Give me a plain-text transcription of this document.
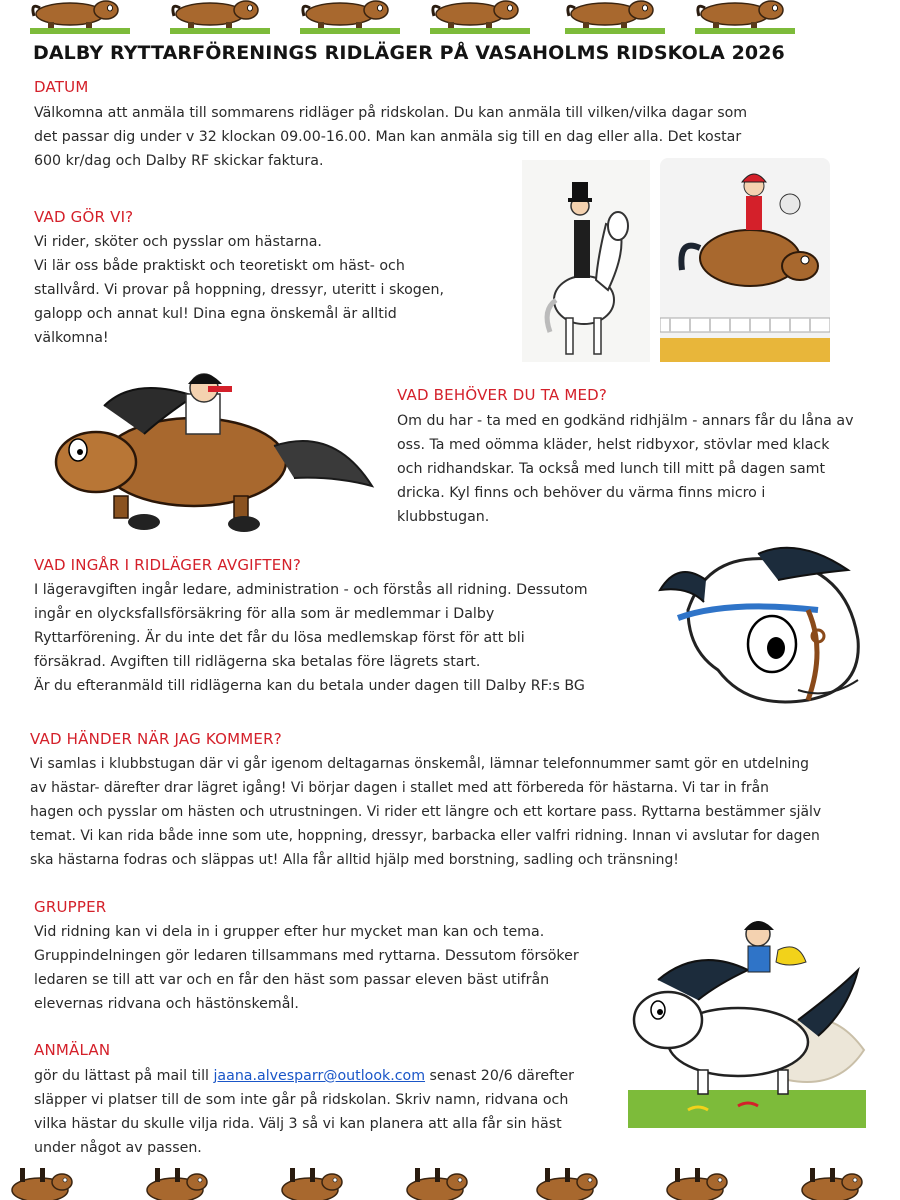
DALBY RYTTARFÖRENINGS RIDLÄGER PÅ VASAHOLMS RIDSKOLA 2026
DATUM
Välkomna att anmäla till sommarens ridläger på ridskolan. Du kan anmäla till vilken/vilka dagar som
det passar dig under v 32 klockan 09.00-16.00. Man kan anmäla sig till en dag eller alla. Det kostar
600 kr/dag och Dalby RF skickar faktura.
VAD GÖR VI?
Vi rider, sköter och pysslar om hästarna.
Vi lär oss både praktiskt och teoretiskt om häst- och
stallvård. Vi provar på hoppning, dressyr, uteritt i skogen,
galopp och annat kul! Dina egna önskemål är alltid
välkomna!
VAD BEHÖVER DU TA MED?
Om du har - ta med en godkänd ridhjälm - annars får du låna av
oss. Ta med oömma kläder, helst ridbyxor, stövlar med klack
och ridhandskar. Ta också med lunch till mitt på dagen samt
dricka. Kyl finns och behöver du värma finns micro i
klubbstugan.
VAD INGÅR I RIDLÄGER AVGIFTEN?
I lägeravgiften ingår ledare, administration - och förstås all ridning. Dessutom
ingår en olycksfallsförsäkring för alla som är medlemmar i Dalby
Ryttarförening. Är du inte det får du lösa medlemskap först för att bli
försäkrad. Avgiften till ridlägerna ska betalas före lägrets start.
Är du efteranmäld till ridlägerna kan du betala under dagen till Dalby RF:s BG
VAD HÄNDER NÄR JAG KOMMER?
Vi samlas i klubbstugan där vi går igenom deltagarnas önskemål, lämnar telefonnummer samt gör en utdelning
av hästar- därefter drar lägret igång! Vi börjar dagen i stallet med att förbereda för hästarna. Vi tar in från
hagen och pysslar om hästen och utrustningen. Vi rider ett längre och ett kortare pass. Ryttarna bestämmer själv
temat. Vi kan rida både inne som ute, hoppning, dressyr, barbacka eller valfri ridning. Innan vi avslutar for dagen
ska hästarna fodras och släppas ut! Alla får alltid hjälp med borstning, sadling och tränsning!
GRUPPER
Vid ridning kan vi dela in i grupper efter hur mycket man kan och tema.
Gruppindelningen gör ledaren tillsammans med ryttarna. Dessutom försöker
ledaren se till att var och en får den häst som passar eleven bäst utifrån
elevernas ridvana och hästönskemål.
ANMÄLAN
gör du lättast på mail till jaana.alvesparr@outlook.com senast 20/6 därefter
släpper vi platser till de som inte går på ridskolan. Skriv namn, ridvana och
vilka hästar du skulle vilja rida. Välj 3 så vi kan planera att alla får sin häst
under något av passen.
